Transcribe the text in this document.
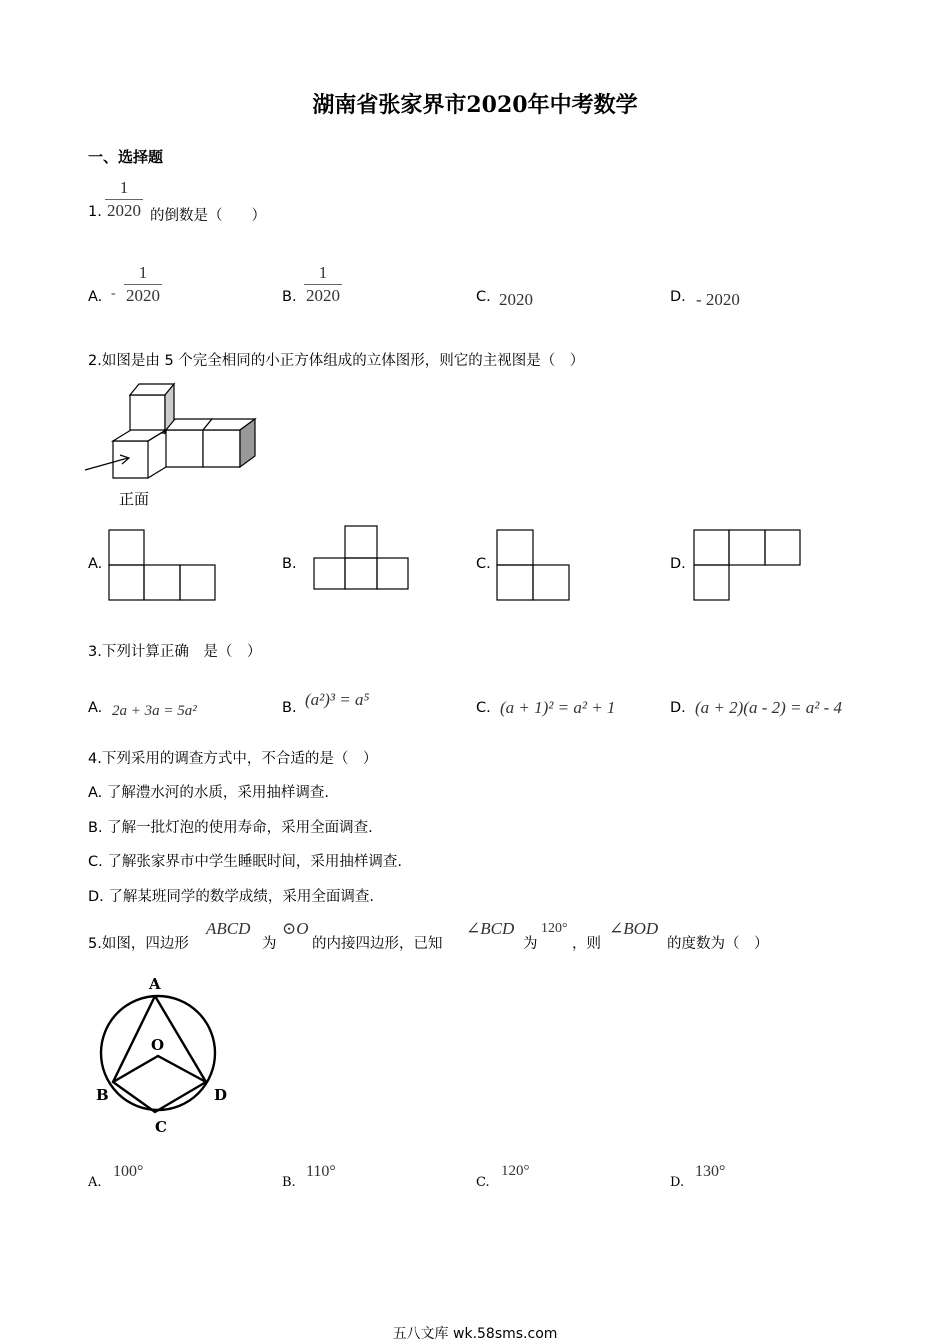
湖南省张家界市2020年中考数学
一、选择题
1. $\frac{1}{2020}$ 的倒数是（　　）
A. - $\frac{1}{2020}$	B. $\frac{1}{2020}$	C. 2020	D. - 2020
2.如图是由 5 个完全相同的小正方体组成的立体图形，则它的主视图是（　）
正面
A.	B.	C.	D.
3.下列计算正确　是（　）
A. 2a + 3a = 5a²	B. (a²)³ = a⁵	C. (a + 1)² = a² + 1	D. (a + 2)(a - 2) = a² - 4
4.下列采用的调查方式中，不合适的是（　）
A. 了解澧水河的水质，采用抽样调查.
B. 了解一批灯泡的使用寿命，采用全面调查.
C. 了解张家界市中学生睡眠时间，采用抽样调查.
D. 了解某班同学的数学成绩，采用全面调查.
5.如图，四边形
ABCD
为
⊙O
的内接四边形，已知
∠BCD
为
120°
，则
∠BOD
的度数为（　）
A
O
B
C
D
A.
100°
B.
110°
C.
120°
D.
130°
五八文库 wk.58sms.com
